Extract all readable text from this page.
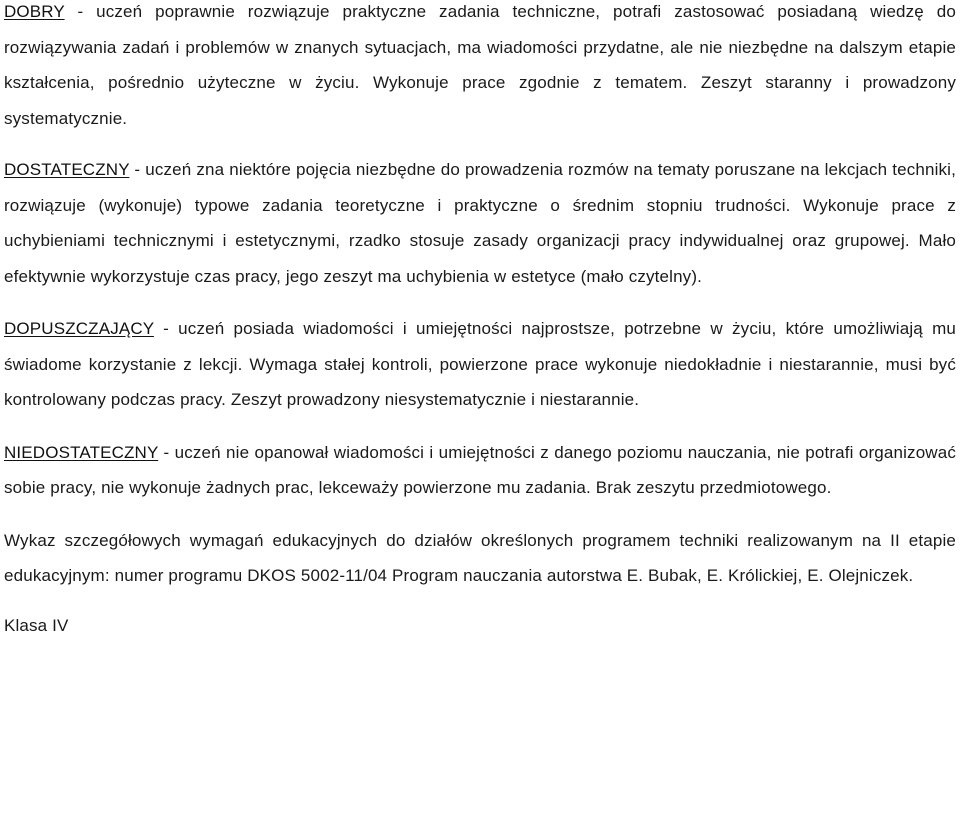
DOBRY - uczeń poprawnie rozwiązuje praktyczne zadania techniczne, potrafi zastosować posiadaną wiedzę do rozwiązywania zadań i problemów w znanych sytuacjach, ma wiadomości przydatne, ale nie niezbędne na dalszym etapie kształcenia, pośrednio użyteczne w życiu. Wykonuje prace zgodnie z tematem. Zeszyt staranny i prowadzony systematycznie.

DOSTATECZNY - uczeń zna niektóre pojęcia niezbędne do prowadzenia rozmów na tematy poruszane na lekcjach techniki, rozwiązuje (wykonuje) typowe zadania teoretyczne i praktyczne o średnim stopniu trudności. Wykonuje prace z uchybieniami technicznymi i estetycznymi, rzadko stosuje zasady organizacji pracy indywidualnej oraz grupowej. Mało efektywnie wykorzystuje czas pracy, jego zeszyt ma uchybienia w estetyce (mało czytelny).

DOPUSZCZAJĄCY - uczeń posiada wiadomości i umiejętności najprostsze, potrzebne w życiu, które umożliwiają mu świadome korzystanie z lekcji. Wymaga stałej kontroli, powierzone prace wykonuje niedokładnie i niestarannie, musi być kontrolowany podczas pracy. Zeszyt prowadzony niesystematycznie i niestarannie.

NIEDOSTATECZNY - uczeń nie opanował wiadomości i umiejętności z danego poziomu nauczania, nie potrafi organizować sobie pracy, nie wykonuje żadnych prac, lekceważy powierzone mu zadania. Brak zeszytu przedmiotowego.

Wykaz szczegółowych wymagań edukacyjnych do działów określonych programem techniki realizowanym na II etapie edukacyjnym: numer programu DKOS 5002-11/04 Program nauczania autorstwa E. Bubak, E. Królickiej, E. Olejniczek.

Klasa IV
